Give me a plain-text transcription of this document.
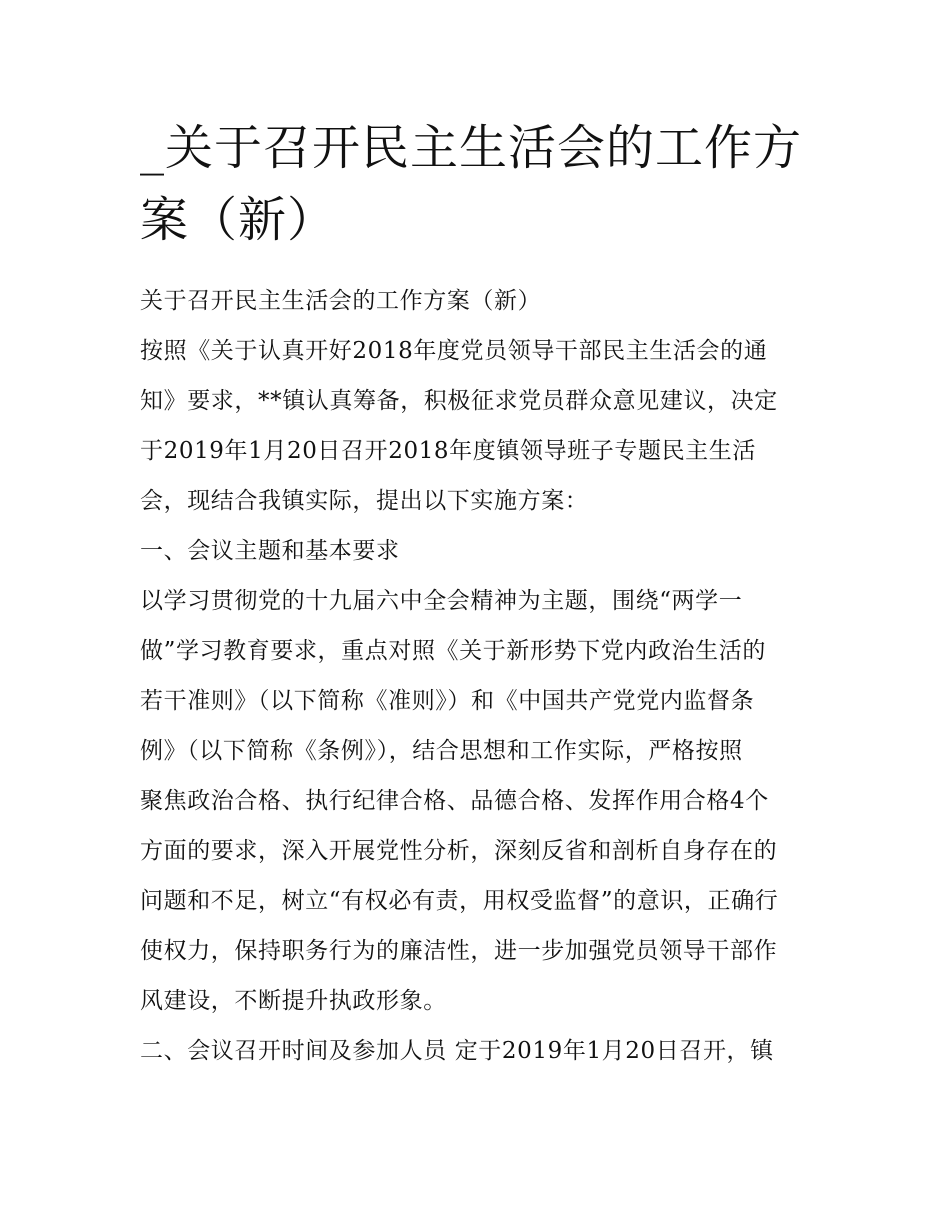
_关于召开民主生活会的工作方
案（新）

关于召开民主生活会的工作方案（新）
按照《关于认真开好2018年度党员领导干部民主生活会的通
知》要求，**镇认真筹备，积极征求党员群众意见建议，决定
于2019年1月20日召开2018年度镇领导班子专题民主生活
会，现结合我镇实际，提出以下实施方案：
一、会议主题和基本要求
以学习贯彻党的十九届六中全会精神为主题，围绕“两学一
做”学习教育要求，重点对照《关于新形势下党内政治生活的
若干准则》（以下简称《准则》）和《中国共产党党内监督条
例》（以下简称《条例》），结合思想和工作实际，严格按照
聚焦政治合格、执行纪律合格、品德合格、发挥作用合格4个
方面的要求，深入开展党性分析，深刻反省和剖析自身存在的
问题和不足，树立“有权必有责，用权受监督”的意识，正确行
使权力，保持职务行为的廉洁性，进一步加强党员领导干部作
风建设，不断提升执政形象。
二、会议召开时间及参加人员 定于2019年1月20日召开，镇
